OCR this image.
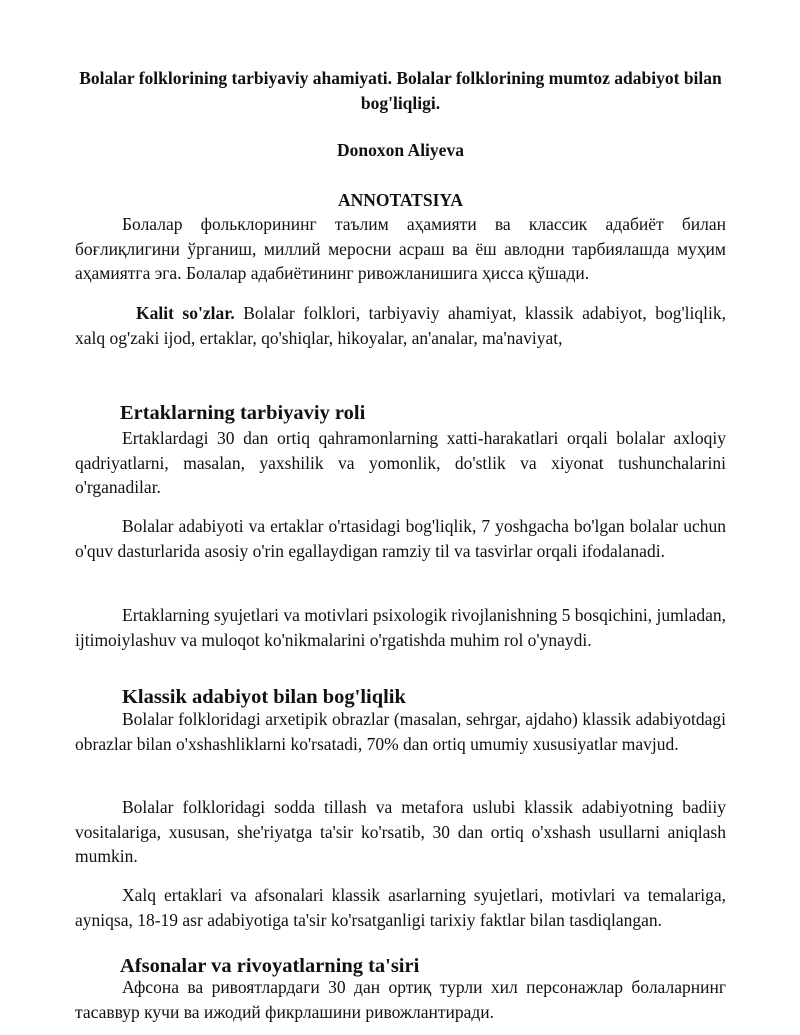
Bolalar folklorining tarbiyaviy ahamiyati. Bolalar folklorining mumtoz adabiyot bilan bog'liqligi.

Donoxon Aliyeva

ANNOTATSIYA

Болалар фольклорининг таълим аҳамияти ва классик адабиёт билан боғлиқлигини ўрганиш, миллий меросни асраш ва ёш авлодни тарбиялашда муҳим аҳамиятга эга. Болалар адабиётининг ривожланишига ҳисса қўшади.

Kalit so'zlar. Bolalar folklori, tarbiyaviy ahamiyat, klassik adabiyot, bog'liqlik, xalq og'zaki ijod, ertaklar, qo'shiqlar, hikoyalar, an'analar, ma'naviyat,

Ertaklarning tarbiyaviy roli

Ertaklardagi 30 dan ortiq qahramonlarning xatti-harakatlari orqali bolalar axloqiy qadriyatlarni, masalan, yaxshilik va yomonlik, do'stlik va xiyonat tushunchalarini o'rganadilar.

Bolalar adabiyoti va ertaklar o'rtasidagi bog'liqlik, 7 yoshgacha bo'lgan bolalar uchun o'quv dasturlarida asosiy o'rin egallaydigan ramziy til va tasvirlar orqali ifodalanadi.

Ertaklarning syujetlari va motivlari psixologik rivojlanishning 5 bosqichini, jumladan, ijtimoiylashuv va muloqot ko'nikmalarini o'rgatishda muhim rol o'ynaydi.

Klassik adabiyot bilan bog'liqlik

Bolalar folkloridagi arxetipik obrazlar (masalan, sehrgar, ajdaho) klassik adabiyotdagi obrazlar bilan o'xshashliklarni ko'rsatadi, 70% dan ortiq umumiy xususiyatlar mavjud.

Bolalar folkloridagi sodda tillash va metafora uslubi klassik adabiyotning badiiy vositalariga, xususan, she'riyatga ta'sir ko'rsatib, 30 dan ortiq o'xshash usullarni aniqlash mumkin.

Xalq ertaklari va afsonalari klassik asarlarning syujetlari, motivlari va temalariga, ayniqsa, 18-19 asr adabiyotiga ta'sir ko'rsatganligi tarixiy faktlar bilan tasdiqlangan.

Afsonalar va rivoyatlarning ta'siri

Афсона ва ривоятлардаги 30 дан ортиқ турли хил персонажлар болаларнинг тасаввур кучи ва ижодий фикрлашини ривожлантиради.
